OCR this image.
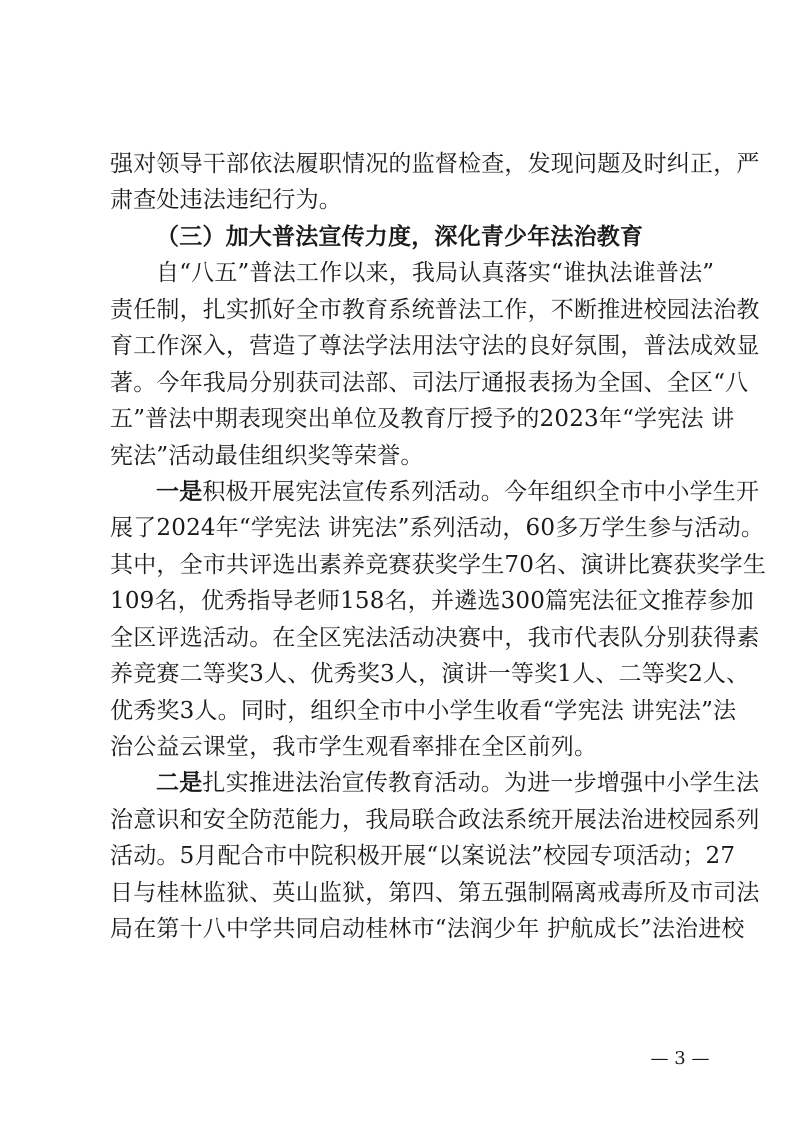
强对领导干部依法履职情况的监督检查，发现问题及时纠正，严
肃查处违法违纪行为。
（三）加大普法宣传力度，深化青少年法治教育
自“八五”普法工作以来，我局认真落实“谁执法谁普法”
责任制，扎实抓好全市教育系统普法工作，不断推进校园法治教
育工作深入，营造了尊法学法用法守法的良好氛围，普法成效显
著。今年我局分别获司法部、司法厅通报表扬为全国、全区“八
五”普法中期表现突出单位及教育厅授予的2023年“学宪法 讲
宪法”活动最佳组织奖等荣誉。
一是积极开展宪法宣传系列活动。今年组织全市中小学生开
展了2024年“学宪法 讲宪法”系列活动，60多万学生参与活动。
其中，全市共评选出素养竞赛获奖学生70名、演讲比赛获奖学生
109名，优秀指导老师158名，并遴选300篇宪法征文推荐参加
全区评选活动。在全区宪法活动决赛中，我市代表队分别获得素
养竞赛二等奖3人、优秀奖3人，演讲一等奖1人、二等奖2人、
优秀奖3人。同时，组织全市中小学生收看“学宪法 讲宪法”法
治公益云课堂，我市学生观看率排在全区前列。
二是扎实推进法治宣传教育活动。为进一步增强中小学生法
治意识和安全防范能力，我局联合政法系统开展法治进校园系列
活动。5月配合市中院积极开展“以案说法”校园专项活动；27
日与桂林监狱、英山监狱，第四、第五强制隔离戒毒所及市司法
局在第十八中学共同启动桂林市“法润少年 护航成长”法治进校
— 3 —
